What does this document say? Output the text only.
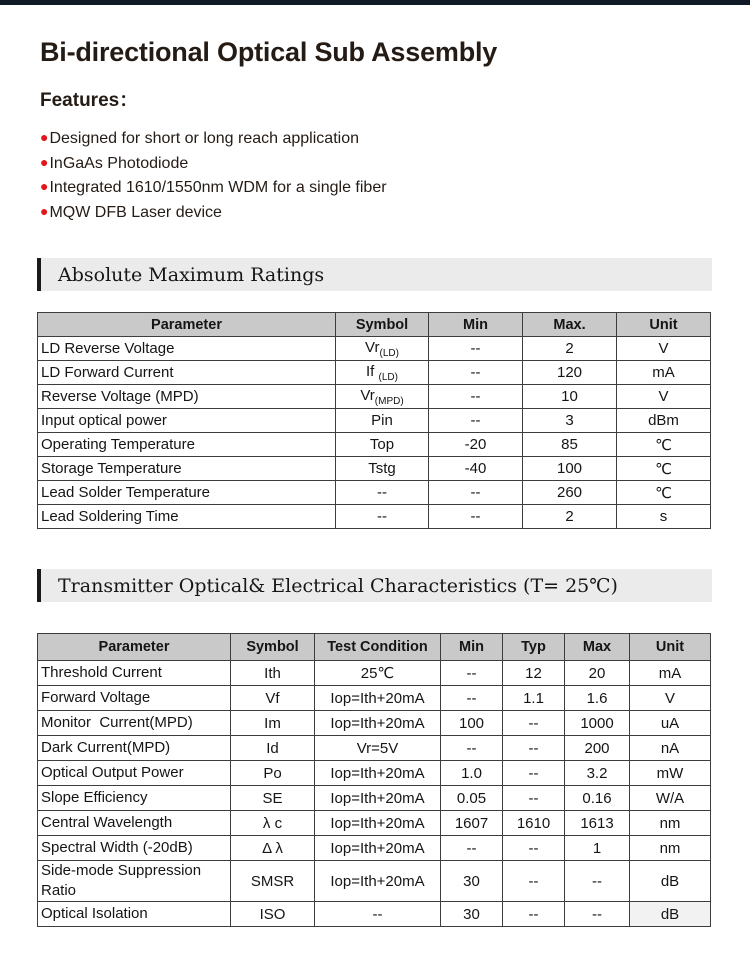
Bi-directional Optical Sub Assembly
Features：
●Designed for short or long reach application
●InGaAs Photodiode
●Integrated 1610/1550nm WDM for a single fiber
●MQW DFB Laser device
Absolute Maximum Ratings
Parameter	Symbol	Min	Max.	Unit
LD Reverse Voltage	$Vr_{(LD)}$	--	2	V
LD Forward Current	If $_{(LD)}$	--	120	mA
Reverse Voltage (MPD)	$Vr_{(MPD)}$	--	10	V
Input optical power	Pin	--	3	dBm
Operating Temperature	Top	-20	85	℃
Storage Temperature	Tstg	-40	100	℃
Lead Solder Temperature	--	--	260	℃
Lead Soldering Time	--	--	2	s
Transmitter Optical& Electrical Characteristics (T= 25℃)
Parameter	Symbol	Test Condition	Min	Typ	Max	Unit
Threshold Current	Ith	25℃	--	12	20	mA
Forward Voltage	Vf	Iop=Ith+20mA	--	1.1	1.6	V
Monitor  Current(MPD)	Im	Iop=Ith+20mA	100	--	1000	uA
Dark Current(MPD)	Id	Vr=5V	--	--	200	nA
Optical Output Power	Po	Iop=Ith+20mA	1.0	--	3.2	mW
Slope Efficiency	SE	Iop=Ith+20mA	0.05	--	0.16	W/A
Central Wavelength	λ c	Iop=Ith+20mA	1607	1610	1613	nm
Spectral Width (-20dB)	Δ λ	Iop=Ith+20mA	--	--	1	nm
Side-mode Suppression Ratio	SMSR	Iop=Ith+20mA	30	--	--	dB
Optical Isolation	ISO	--	30	--	--	dB
